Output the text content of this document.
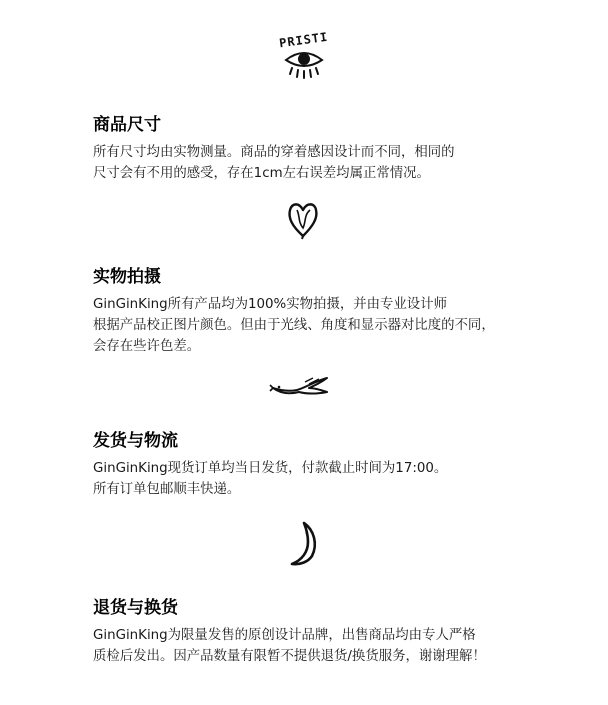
PRISTI
商品尺寸

所有尺寸均由实物测量。商品的穿着感因设计而不同，相同的
尺寸会有不用的感受，存在1cm左右误差均属正常情况。

实物拍摄

GinGinKing所有产品均为100%实物拍摄，并由专业设计师
根据产品校正图片颜色。但由于光线、角度和显示器对比度的不同，
会存在些许色差。

发货与物流

GinGinKing现货订单均当日发货，付款截止时间为17:00。
所有订单包邮顺丰快递。

退货与换货

GinGinKing为限量发售的原创设计品牌，出售商品均由专人严格
质检后发出。因产品数量有限暂不提供退货/换货服务，谢谢理解！
